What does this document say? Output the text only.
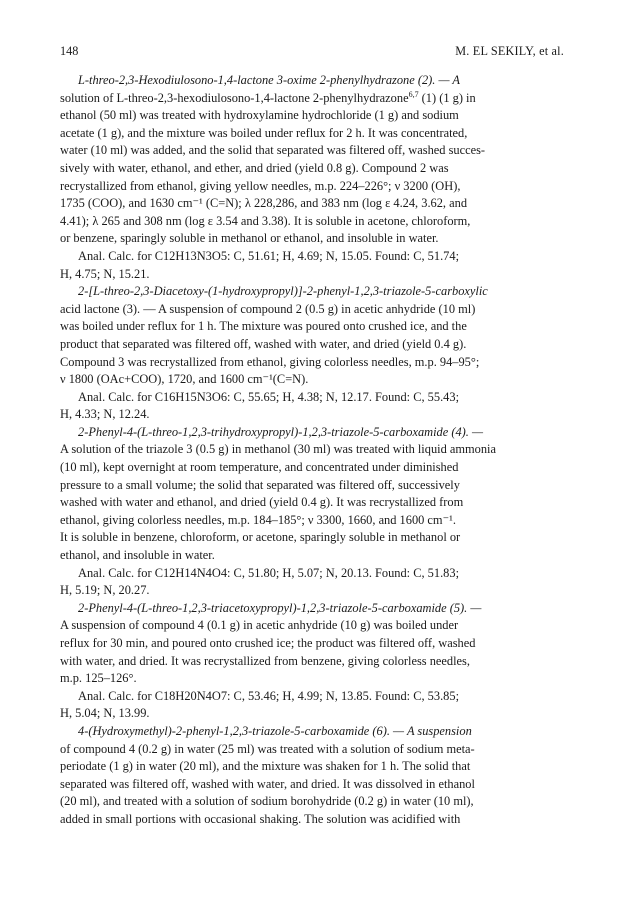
148	M. EL SEKILY, et al.

L-threo-2,3-Hexodiulosono-1,4-lactone 3-oxime 2-phenylhydrazone (2). — A
solution of L-threo-2,3-hexodiulosono-1,4-lactone 2-phenylhydrazone$^{6,7}$ (1) (1 g) in
ethanol (50 ml) was treated with hydroxylamine hydrochloride (1 g) and sodium
acetate (1 g), and the mixture was boiled under reflux for 2 h. It was concentrated,
water (10 ml) was added, and the solid that separated was filtered off, washed succes-
sively with water, ethanol, and ether, and dried (yield 0.8 g). Compound 2 was
recrystallized from ethanol, giving yellow needles, m.p. 224–226°; ν 3200 (OH),
1735 (COO), and 1630 cm⁻¹ (C=N); λ 228,286, and 383 nm (log ε 4.24, 3.62, and
4.41); λ 265 and 308 nm (log ε 3.54 and 3.38). It is soluble in acetone, chloroform,
or benzene, sparingly soluble in methanol or ethanol, and insoluble in water.

Anal. Calc. for C12H13N3O5: C, 51.61; H, 4.69; N, 15.05. Found: C, 51.74;
H, 4.75; N, 15.21.

2-[L-threo-2,3-Diacetoxy-(1-hydroxypropyl)]-2-phenyl-1,2,3-triazole-5-carboxylic
acid lactone (3). — A suspension of compound 2 (0.5 g) in acetic anhydride (10 ml)
was boiled under reflux for 1 h. The mixture was poured onto crushed ice, and the
product that separated was filtered off, washed with water, and dried (yield 0.4 g).
Compound 3 was recrystallized from ethanol, giving colorless needles, m.p. 94–95°;
ν 1800 (OAc+COO), 1720, and 1600 cm⁻¹(C=N).

Anal. Calc. for C16H15N3O6: C, 55.65; H, 4.38; N, 12.17. Found: C, 55.43;
H, 4.33; N, 12.24.

2-Phenyl-4-(L-threo-1,2,3-trihydroxypropyl)-1,2,3-triazole-5-carboxamide (4). —
A solution of the triazole 3 (0.5 g) in methanol (30 ml) was treated with liquid ammonia
(10 ml), kept overnight at room temperature, and concentrated under diminished
pressure to a small volume; the solid that separated was filtered off, successively
washed with water and ethanol, and dried (yield 0.4 g). It was recrystallized from
ethanol, giving colorless needles, m.p. 184–185°; ν 3300, 1660, and 1600 cm⁻¹.
It is soluble in benzene, chloroform, or acetone, sparingly soluble in methanol or
ethanol, and insoluble in water.

Anal. Calc. for C12H14N4O4: C, 51.80; H, 5.07; N, 20.13. Found: C, 51.83;
H, 5.19; N, 20.27.

2-Phenyl-4-(L-threo-1,2,3-triacetoxypropyl)-1,2,3-triazole-5-carboxamide (5). —
A suspension of compound 4 (0.1 g) in acetic anhydride (10 g) was boiled under
reflux for 30 min, and poured onto crushed ice; the product was filtered off, washed
with water, and dried. It was recrystallized from benzene, giving colorless needles,
m.p. 125–126°.

Anal. Calc. for C18H20N4O7: C, 53.46; H, 4.99; N, 13.85. Found: C, 53.85;
H, 5.04; N, 13.99.

4-(Hydroxymethyl)-2-phenyl-1,2,3-triazole-5-carboxamide (6). — A suspension
of compound 4 (0.2 g) in water (25 ml) was treated with a solution of sodium meta-
periodate (1 g) in water (20 ml), and the mixture was shaken for 1 h. The solid that
separated was filtered off, washed with water, and dried. It was dissolved in ethanol
(20 ml), and treated with a solution of sodium borohydride (0.2 g) in water (10 ml),
added in small portions with occasional shaking. The solution was acidified with
